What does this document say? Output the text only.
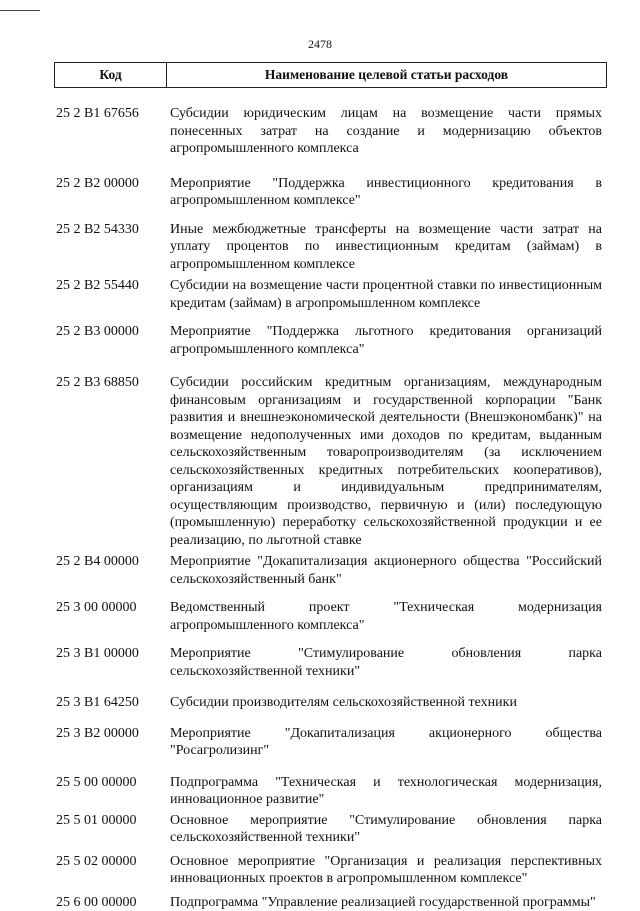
2478
Код	Наименование целевой статьи расходов
25 2 B1 67656	Субсидии юридическим лицам на возмещение части прямых понесенных затрат на создание и модернизацию объектов агропромышленного комплекса
25 2 B2 00000	Мероприятие "Поддержка инвестиционного кредитования в агропромышленном комплексе"
25 2 B2 54330	Иные межбюджетные трансферты на возмещение части затрат на уплату процентов по инвестиционным кредитам (займам) в агропромышленном комплексе
25 2 B2 55440	Субсидии на возмещение части процентной ставки по инвестиционным кредитам (займам) в агропромышленном комплексе
25 2 B3 00000	Мероприятие "Поддержка льготного кредитования организаций агропромышленного комплекса"
25 2 B3 68850	Субсидии российским кредитным организациям, международным финансовым организациям и государственной корпорации "Банк развития и внешнеэкономической деятельности (Внешэкономбанк)" на возмещение недополученных ими доходов по кредитам, выданным сельскохозяйственным товаропроизводителям (за исключением сельскохозяйственных кредитных потребительских кооперативов), организациям и индивидуальным предпринимателям, осуществляющим производство, первичную и (или) последующую (промышленную) переработку сельскохозяйственной продукции и ее реализацию, по льготной ставке
25 2 B4 00000	Мероприятие "Докапитализация акционерного общества "Российский сельскохозяйственный банк"
25 3 00 00000	Ведомственный проект "Техническая модернизация агропромышленного комплекса"
25 3 B1 00000	Мероприятие "Стимулирование обновления парка сельскохозяйственной техники"
25 3 B1 64250	Субсидии производителям сельскохозяйственной техники
25 3 B2 00000	Мероприятие "Докапитализация акционерного общества "Росагролизинг"
25 5 00 00000	Подпрограмма "Техническая и технологическая модернизация, инновационное развитие"
25 5 01 00000	Основное мероприятие "Стимулирование обновления парка сельскохозяйственной техники"
25 5 02 00000	Основное мероприятие "Организация и реализация перспективных инновационных проектов в агропромышленном комплексе"
25 6 00 00000	Подпрограмма "Управление реализацией государственной программы"
